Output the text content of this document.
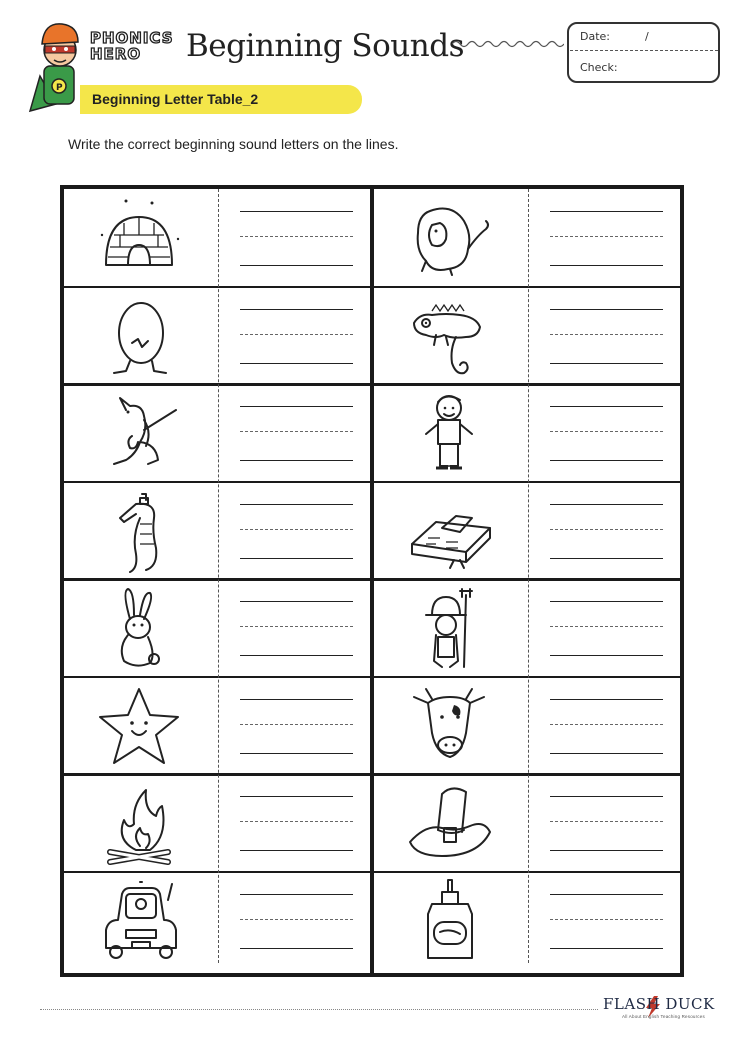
P
PHONICS
HERO	Beginning Sounds	Date:	/
Check:
Beginning Letter Table_2
Write the correct beginning sound letters on the lines.
FLASH DUCK
All About English Teaching Resources
